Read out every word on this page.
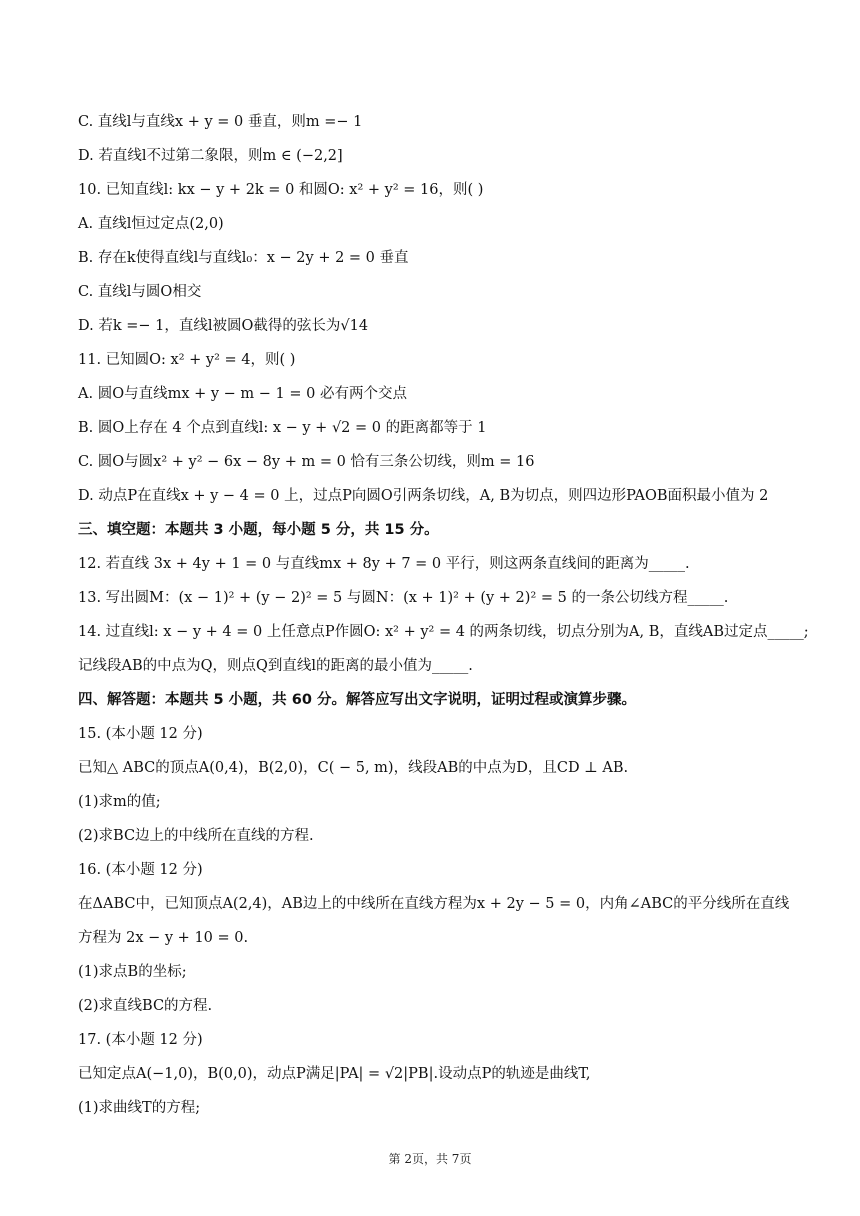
C. 直线l与直线x + y = 0 垂直，则m =− 1
D. 若直线l不过第二象限，则m ∈ (−2,2]
10. 已知直线l: kx − y + 2k = 0 和圆O: x² + y² = 16，则( )
A. 直线l恒过定点(2,0)
B. 存在k使得直线l与直线l₀：x − 2y + 2 = 0 垂直
C. 直线l与圆O相交
D. 若k =− 1，直线l被圆O截得的弦长为√14
11. 已知圆O: x² + y² = 4，则( )
A. 圆O与直线mx + y − m − 1 = 0 必有两个交点
B. 圆O上存在 4 个点到直线l: x − y + √2 = 0 的距离都等于 1
C. 圆O与圆x² + y² − 6x − 8y + m = 0 恰有三条公切线，则m = 16
D. 动点P在直线x + y − 4 = 0 上，过点P向圆O引两条切线，A, B为切点，则四边形PAOB面积最小值为 2
三、填空题：本题共 3 小题，每小题 5 分，共 15 分。
12. 若直线 3x + 4y + 1 = 0 与直线mx + 8y + 7 = 0 平行，则这两条直线间的距离为_____.
13. 写出圆M：(x − 1)² + (y − 2)² = 5 与圆N：(x + 1)² + (y + 2)² = 5 的一条公切线方程_____.
14. 过直线l: x − y + 4 = 0 上任意点P作圆O: x² + y² = 4 的两条切线，切点分别为A, B，直线AB过定点_____;
记线段AB的中点为Q，则点Q到直线l的距离的最小值为_____.
四、解答题：本题共 5 小题，共 60 分。解答应写出文字说明，证明过程或演算步骤。
15. (本小题 12 分)
已知△ ABC的顶点A(0,4)，B(2,0)，C( − 5, m)，线段AB的中点为D，且CD ⊥ AB.
(1)求m的值;
(2)求BC边上的中线所在直线的方程.
16. (本小题 12 分)
在ΔABC中，已知顶点A(2,4)，AB边上的中线所在直线方程为x + 2y − 5 = 0，内角∠ABC的平分线所在直线
方程为 2x − y + 10 = 0.
(1)求点B的坐标;
(2)求直线BC的方程.
17. (本小题 12 分)
已知定点A(−1,0)，B(0,0)，动点P满足|PA| = √2|PB|.设动点P的轨迹是曲线T,
(1)求曲线T的方程;
第 2页，共 7页
